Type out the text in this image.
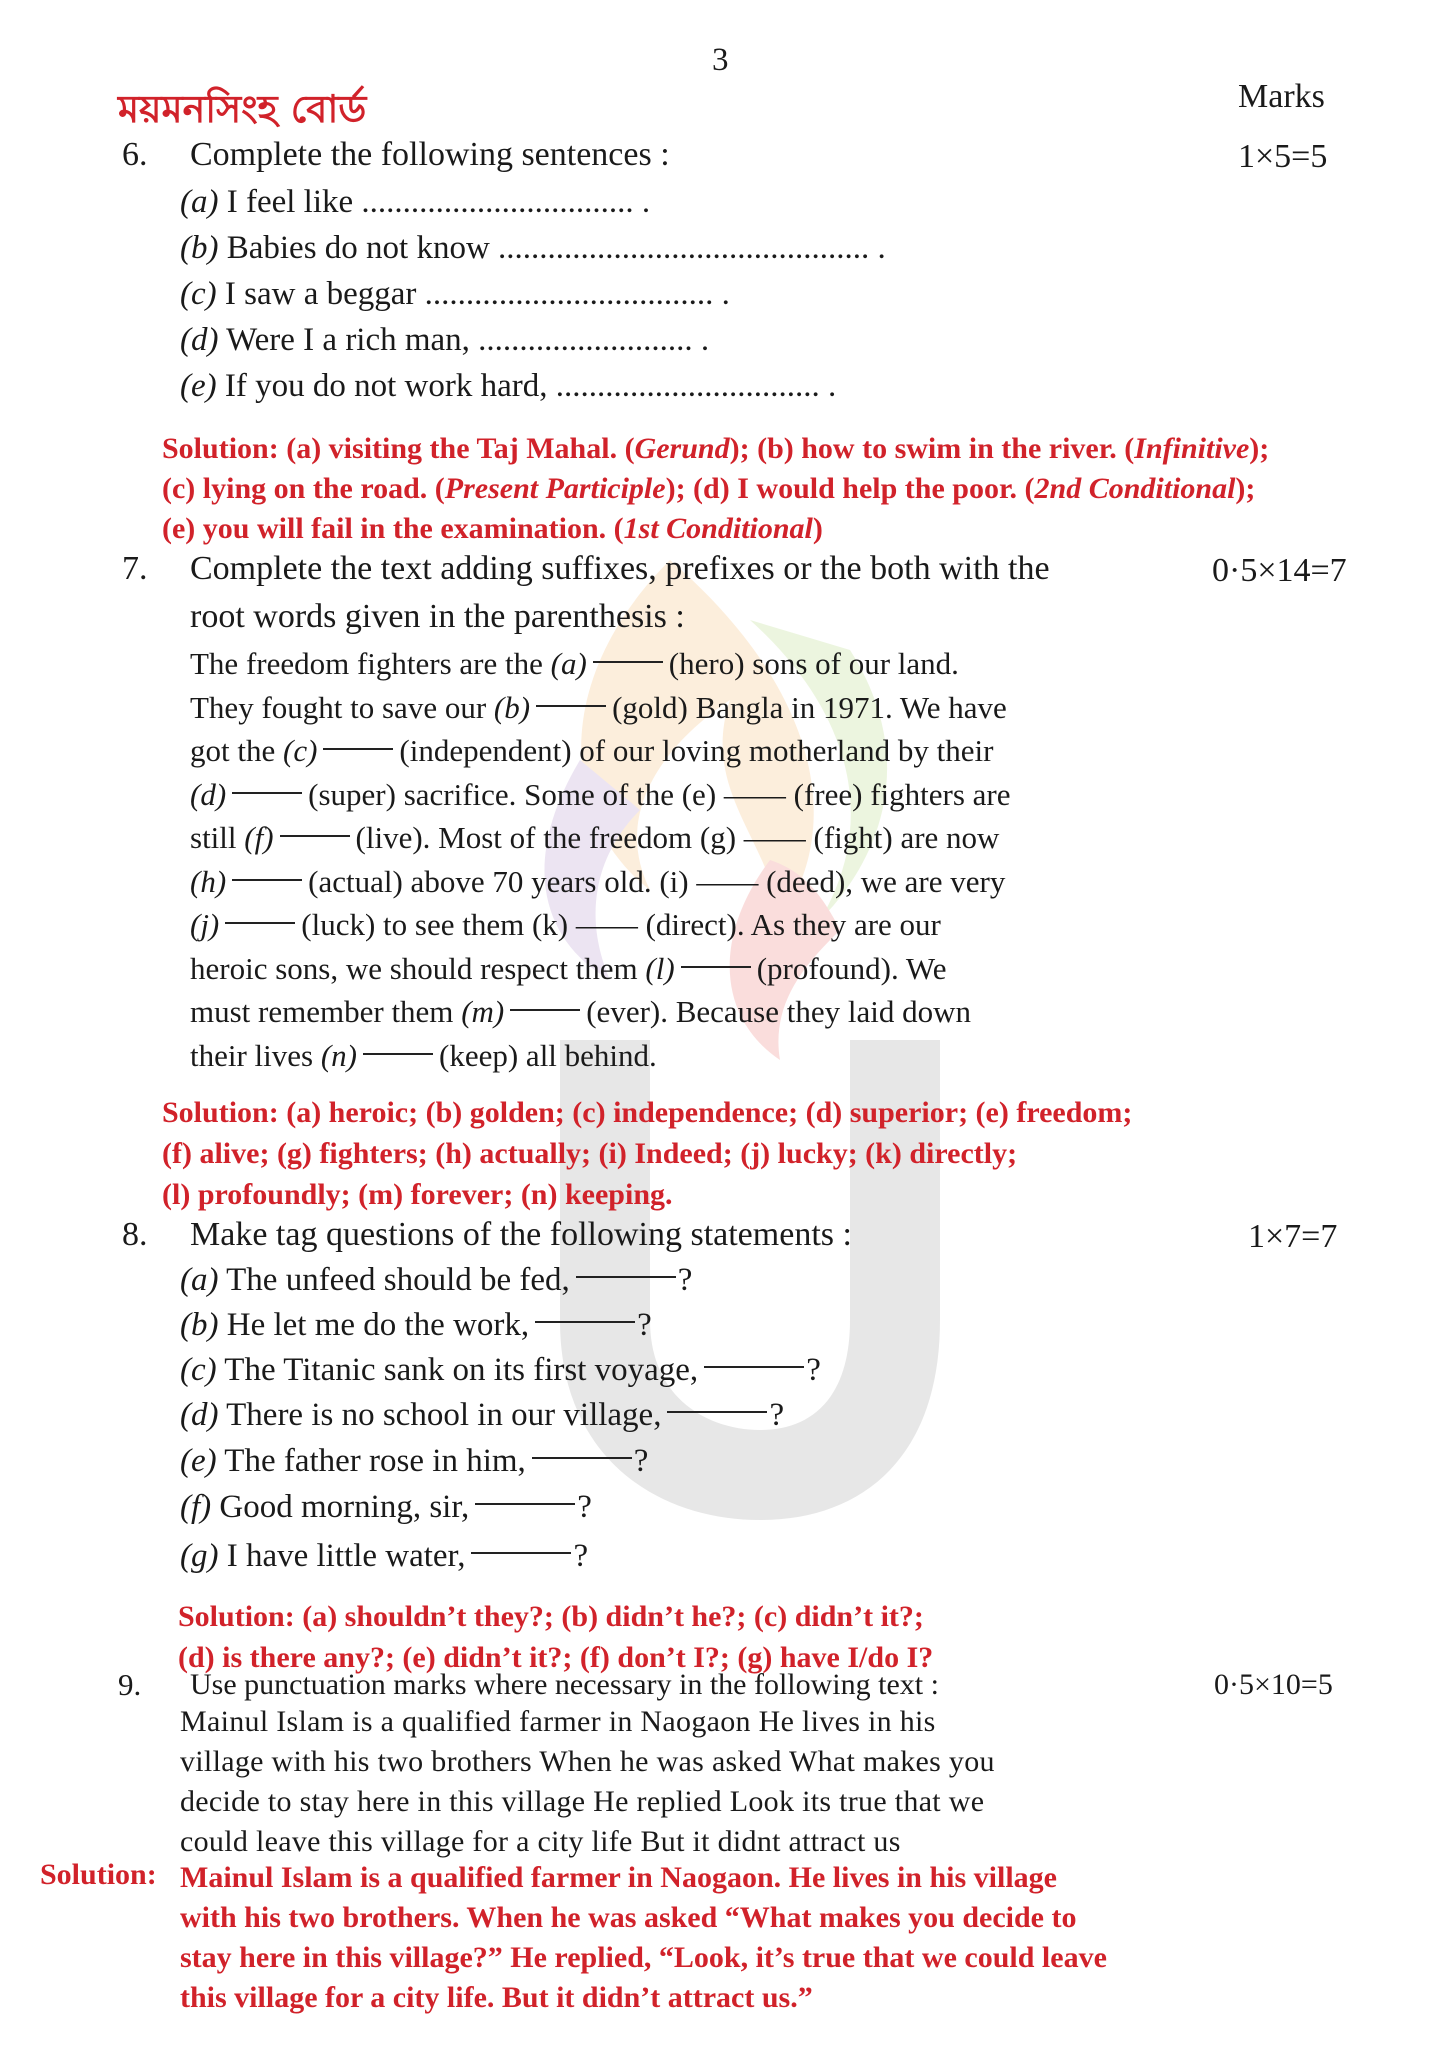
3
ময়মনসিংহ বোর্ড	Marks
6. Complete the following sentences :	1×5=5
(a) I feel like ................................. .
(b) Babies do not know ............................................. .
(c) I saw a beggar ................................... .
(d) Were I a rich man, .......................... .
(e) If you do not work hard, ................................ .
Solution: (a) visiting the Taj Mahal. (Gerund); (b) how to swim in the river. (Infinitive);
(c) lying on the road. (Present Participle); (d) I would help the poor. (2nd Conditional);
(e) you will fail in the examination. (1st Conditional)
7. Complete the text adding suffixes, prefixes or the both with the	0·5×14=7
root words given in the parenthesis :
The freedom fighters are the (a)	(hero) sons of our land.
They fought to save our (b)	(gold) Bangla in 1971. We have
got the (c)	(independent) of our loving motherland by their
(d)	(super) sacrifice. Some of the (e) —— (free) fighters are
still (f)	(live). Most of the freedom (g) —— (fight) are now
(h)	(actual) above 70 years old. (i) —— (deed), we are very
(j)	(luck) to see them (k) —— (direct). As they are our
heroic sons, we should respect them (l)	(profound). We
must remember them (m)	(ever). Because they laid down
their lives (n)	(keep) all behind.
Solution: (a) heroic; (b) golden; (c) independence; (d) superior; (e) freedom;
(f) alive; (g) fighters; (h) actually; (i) Indeed; (j) lucky; (k) directly;
(l) profoundly; (m) forever; (n) keeping.
8. Make tag questions of the following statements :	1×7=7
(a) The unfeed should be fed,	?
(b) He let me do the work,	?
(c) The Titanic sank on its first voyage,	?
(d) There is no school in our village,	?
(e) The father rose in him,	?
(f) Good morning, sir,	?
(g) I have little water,	?
Solution: (a) shouldn’t they?; (b) didn’t he?; (c) didn’t it?;
(d) is there any?; (e) didn’t it?; (f) don’t I?; (g) have I/do I?
9. Use punctuation marks where necessary in the following text :	0·5×10=5
Mainul Islam is a qualified farmer in Naogaon He lives in his
village with his two brothers When he was asked What makes you
decide to stay here in this village He replied Look its true that we
could leave this village for a city life But it didnt attract us
Solution: Mainul Islam is a qualified farmer in Naogaon. He lives in his village
with his two brothers. When he was asked “What makes you decide to
stay here in this village?” He replied, “Look, it’s true that we could leave
this village for a city life. But it didn’t attract us.”
